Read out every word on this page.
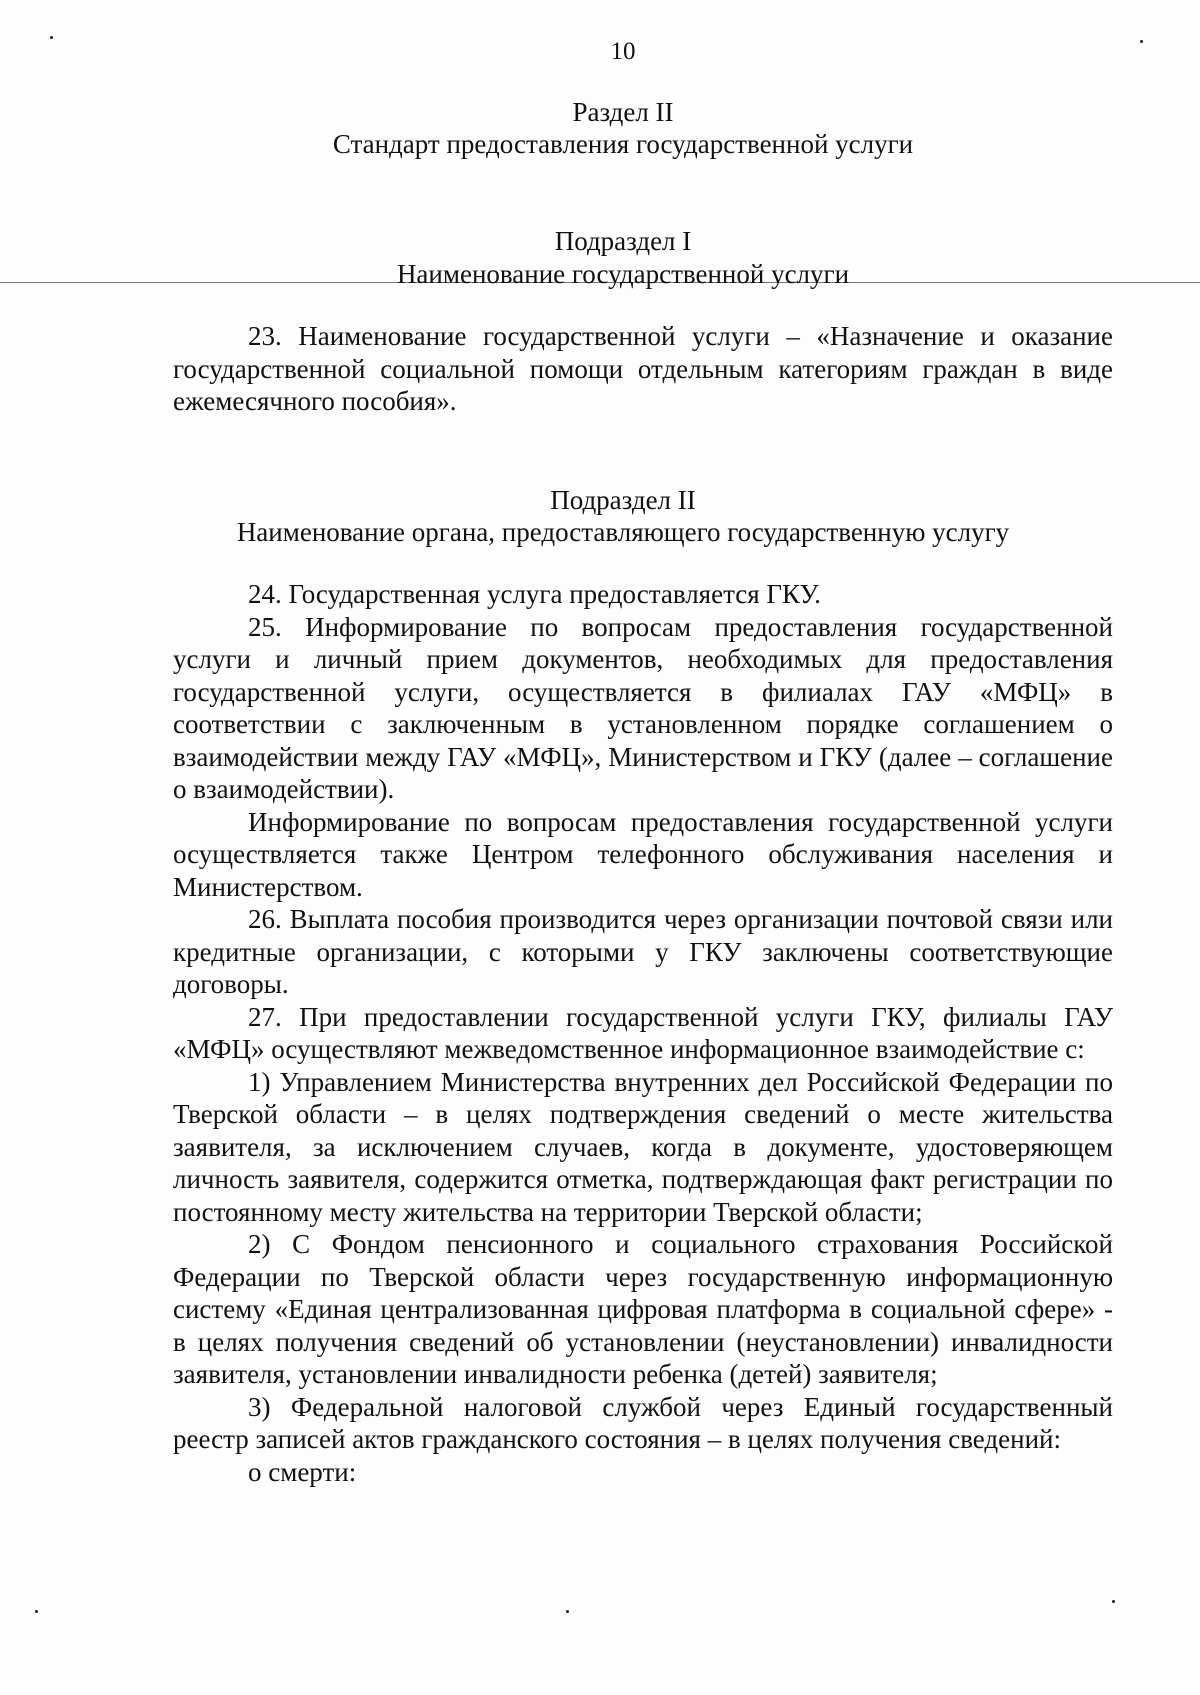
10
Раздел II
Стандарт предоставления государственной услуги
Подраздел I
Наименование государственной услуги

23. Наименование государственной услуги – «Назначение и оказание государственной социальной помощи отдельным категориям граждан в виде ежемесячного пособия».

Подраздел II
Наименование органа, предоставляющего государственную услугу

24. Государственная услуга предоставляется ГКУ.

25. Информирование по вопросам предоставления государственной услуги и личный прием документов, необходимых для предоставления государственной услуги, осуществляется в филиалах ГАУ «МФЦ» в соответствии с заключенным в установленном порядке соглашением о взаимодействии между ГАУ «МФЦ», Министерством и ГКУ (далее – соглашение о взаимодействии).

Информирование по вопросам предоставления государственной услуги осуществляется также Центром телефонного обслуживания населения и Министерством.

26. Выплата пособия производится через организации почтовой связи или кредитные организации, с которыми у ГКУ заключены соответствующие договоры.

27. При предоставлении государственной услуги ГКУ, филиалы ГАУ «МФЦ» осуществляют межведомственное информационное взаимодействие с:

1) Управлением Министерства внутренних дел Российской Федерации по Тверской области – в целях подтверждения сведений о месте жительства заявителя, за исключением случаев, когда в документе, удостоверяющем личность заявителя, содержится отметка, подтверждающая факт регистрации по постоянному месту жительства на территории Тверской области;

2) С Фондом пенсионного и социального страхования Российской Федерации по Тверской области через государственную информационную систему «Единая централизованная цифровая платформа в социальной сфере» - в целях получения сведений об установлении (неустановлении) инвалидности заявителя, установлении инвалидности ребенка (детей) заявителя;

3) Федеральной налоговой службой через Единый государственный реестр записей актов гражданского состояния – в целях получения сведений:

о смерти:
